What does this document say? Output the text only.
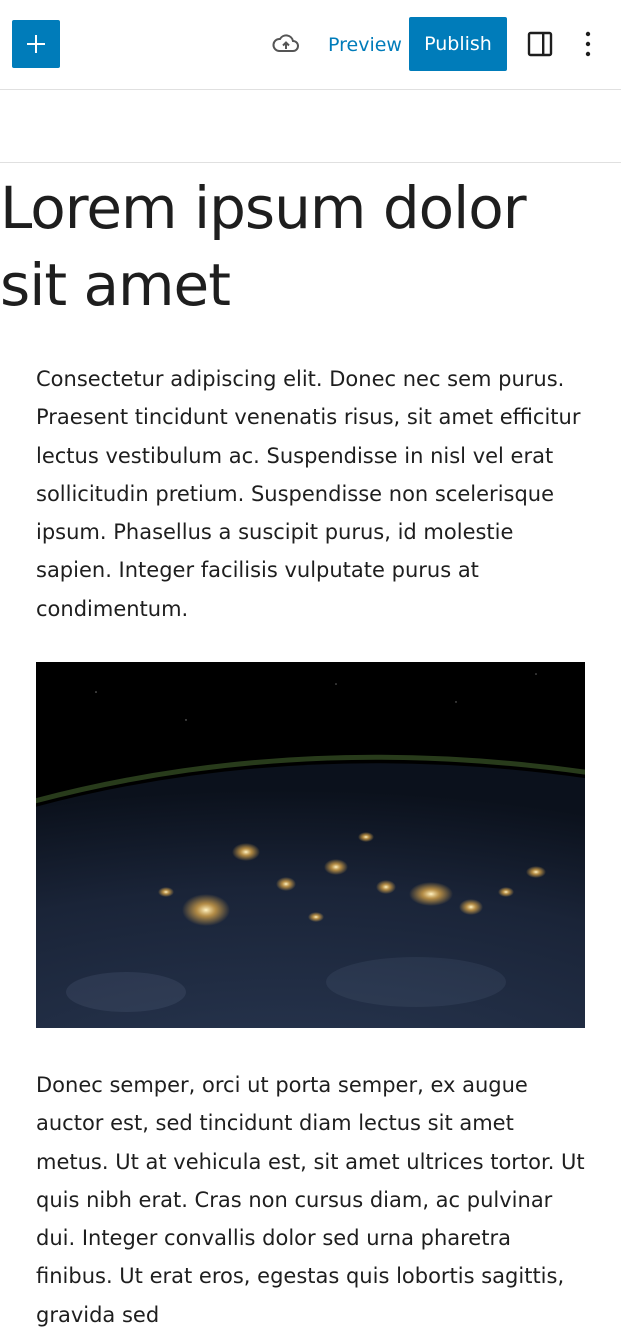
Preview	Publish
Lorem ipsum dolor sit amet

Consectetur adipiscing elit. Donec nec sem purus. Praesent tincidunt venenatis risus, sit amet efficitur lectus vestibulum ac. Suspendisse in nisl vel erat sollicitudin pretium. Suspendisse non scelerisque ipsum. Phasellus a suscipit purus, id molestie sapien. Integer facilisis vulputate purus at condimentum.

Donec semper, orci ut porta semper, ex augue auctor est, sed tincidunt diam lectus sit amet metus. Ut at vehicula est, sit amet ultrices tortor. Ut quis nibh erat. Cras non cursus diam, ac pulvinar dui. Integer convallis dolor sed urna pharetra finibus. Ut erat eros, egestas quis lobortis sagittis, gravida sed
